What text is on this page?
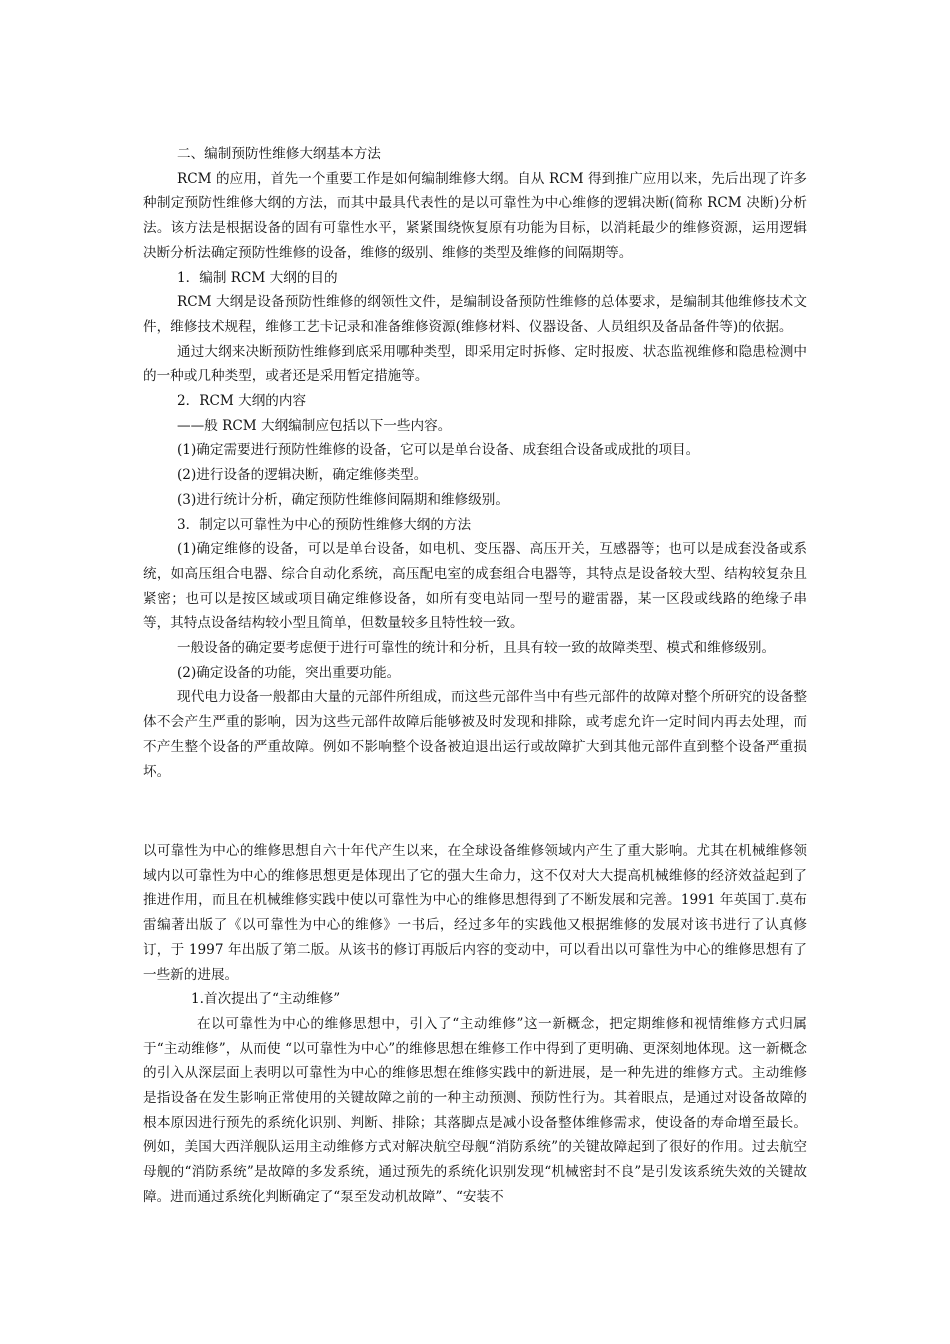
二、编制预防性维修大纲基本方法

RCM 的应用，首先一个重要工作是如何编制维修大纲。自从 RCM 得到推广应用以来，先后出现了许多种制定预防性维修大纲的方法，而其中最具代表性的是以可靠性为中心维修的逻辑决断(简称 RCM 决断)分析法。该方法是根据设备的固有可靠性水平，紧紧围绕恢复原有功能为目标，以消耗最少的维修资源，运用逻辑决断分析法确定预防性维修的设备，维修的级别、维修的类型及维修的间隔期等。

1．编制 RCM 大纲的目的

RCM 大纲是设备预防性维修的纲领性文件，是编制设备预防性维修的总体要求，是编制其他维修技术文件，维修技术规程，维修工艺卡记录和准备维修资源(维修材料、仪器设备、人员组织及备品备件等)的依据。

通过大纲来决断预防性维修到底采用哪种类型，即采用定时拆修、定时报废、状态监视维修和隐患检测中的一种或几种类型，或者还是采用暂定措施等。

2．RCM 大纲的内容

——般 RCM 大纲编制应包括以下一些内容。

(1)确定需要进行预防性维修的设备，它可以是单台设备、成套组合设备或成批的项目。

(2)进行设备的逻辑决断，确定维修类型。

(3)进行统计分析，确定预防性维修间隔期和维修级别。

3．制定以可靠性为中心的预防性维修大纲的方法

(1)确定维修的设备，可以是单台设备，如电机、变压器、高压开关，互感器等；也可以是成套没备或系统，如高压组合电器、综合自动化系统，高压配电室的成套组合电器等，其特点是设备较大型、结构较复杂且紧密；也可以是按区域或项目确定维修设备，如所有变电站同一型号的避雷器，某一区段或线路的绝缘子串等，其特点设备结构较小型且简单，但数量较多且特性较一致。

一般设备的确定要考虑便于进行可靠性的统计和分析，且具有较一致的故障类型、模式和维修级别。

(2)确定设备的功能，突出重要功能。

现代电力设备一般都由大量的元部件所组成，而这些元部件当中有些元部件的故障对整个所研究的设备整体不会产生严重的影响，因为这些元部件故障后能够被及时发现和排除，或考虑允许一定时间内再去处理，而不产生整个设备的严重故障。例如不影响整个设备被迫退出运行或故障扩大到其他元部件直到整个设备严重损坏。

以可靠性为中心的维修思想自六十年代产生以来，在全球设备维修领域内产生了重大影响。尤其在机械维修领域内以可靠性为中心的维修思想更是体现出了它的强大生命力，这不仅对大大提高机械维修的经济效益起到了推进作用，而且在机械维修实践中使以可靠性为中心的维修思想得到了不断发展和完善。1991 年英国丁.莫布雷编著出版了《以可靠性为中心的维修》一书后，经过多年的实践他又根据维修的发展对该书进行了认真修订，于 1997 年出版了第二版。从该书的修订再版后内容的变动中，可以看出以可靠性为中心的维修思想有了一些新的进展。

1.首次提出了“主动维修”

在以可靠性为中心的维修思想中，引入了“主动维修”这一新概念，把定期维修和视情维修方式归属于“主动维修”，从而使 “以可靠性为中心”的维修思想在维修工作中得到了更明确、更深刻地体现。这一新概念的引入从深层面上表明以可靠性为中心的维修思想在维修实践中的新进展，是一种先进的维修方式。主动维修是指设备在发生影响正常使用的关键故障之前的一种主动预测、预防性行为。其着眼点，是通过对设备故障的根本原因进行预先的系统化识别、判断、排除；其落脚点是减小设备整体维修需求，使设备的寿命增至最长。例如，美国大西洋舰队运用主动维修方式对解决航空母舰“消防系统”的关键故障起到了很好的作用。过去航空母舰的“消防系统”是故障的多发系统，通过预先的系统化识别发现“机械密封不良”是引发该系统失效的关键故障。进而通过系统化判断确定了“泵至发动机故障”、“安装不
